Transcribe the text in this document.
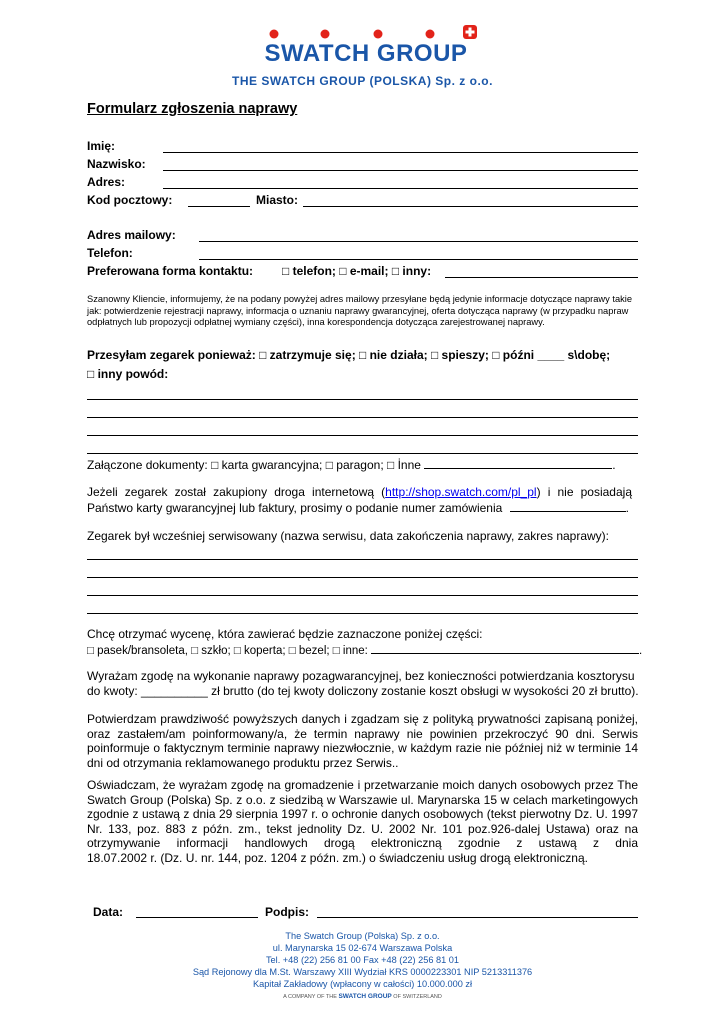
SWATCH GROUP
THE SWATCH GROUP (POLSKA) Sp. z o.o.
Formularz zgłoszenia naprawy
Imię:
Nazwisko:
Adres:
Kod pocztowy:	Miasto:
Adres mailowy:
Telefon:
Preferowana forma kontaktu: □ telefon; □ e-mail; □ inny:
Szanowny Kliencie, informujemy, że na podany powyżej adres mailowy przesyłane będą jedynie informacje dotyczące naprawy takie jak: potwierdzenie rejestracji naprawy, informacja o uznaniu naprawy gwarancyjnej, oferta dotycząca naprawy (w przypadku napraw odpłatnych lub propozycji odpłatnej wymiany części), inna korespondencja dotycząca zarejestrowanej naprawy.
Przesyłam zegarek ponieważ: □ zatrzymuje się; □ nie działa; □ spieszy; □ późni ____ s\dobę;
□ inny powód:
Załączone dokumenty: □ karta gwarancyjna; □ paragon; □ İnne	.
Jeżeli zegarek został zakupiony droga internetową (http://shop.swatch.com/pl_pl) i nie posiadają
Państwo karty gwarancyjnej lub faktury, prosimy o podanie numer zamówienia	.
Zegarek był wcześniej serwisowany (nazwa serwisu, data zakończenia naprawy, zakres naprawy):
Chcę otrzymać wycenę, która zawierać będzie zaznaczone poniżej części:
□ pasek/bransoleta, □ szkło; □ koperta; □ bezel; □ inne:	.
Wyrażam zgodę na wykonanie naprawy pozagwarancyjnej, bez konieczności potwierdzania kosztorysu
do kwoty: __________ zł brutto (do tej kwoty doliczony zostanie koszt obsługi w wysokości 20 zł brutto).
Potwierdzam prawdziwość powyższych danych i zgadzam się z polityką prywatności zapisaną poniżej, oraz zastałem/am poinformowany/a, że termin naprawy nie powinien przekroczyć 90 dni. Serwis poinformuje o faktycznym terminie naprawy niezwłocznie, w każdym razie nie później niż w terminie 14
dni od otrzymania reklamowanego produktu przez Serwis..
Oświadczam, że wyrażam zgodę na gromadzenie i przetwarzanie moich danych osobowych przez The Swatch Group (Polska) Sp. z o.o. z siedzibą w Warszawie ul. Marynarska 15 w celach marketingowych zgodnie z ustawą z dnia 29 sierpnia 1997 r. o ochronie danych osobowych (tekst pierwotny Dz. U. 1997 Nr. 133, poz. 883 z późn. zm., tekst jednolity Dz. U. 2002 Nr. 101 poz.926-dalej Ustawa) oraz na otrzymywanie informacji handlowych drogą elektroniczną zgodnie z ustawą z dnia
18.07.2002 r. (Dz. U. nr. 144, poz. 1204 z późn. zm.) o świadczeniu usług drogą elektroniczną.
Data:	Podpis:
The Swatch Group (Polska) Sp. z o.o.
ul. Marynarska 15 02-674 Warszawa Polska
Tel. +48 (22) 256 81 00 Fax +48 (22) 256 81 01
Sąd Rejonowy dla M.St. Warszawy XIII Wydział KRS 0000223301 NIP 5213311376
Kapitał Zakładowy (wpłacony w całości) 10.000.000 zł
A COMPANY OF THE SWATCH GROUP OF SWITZERLAND
